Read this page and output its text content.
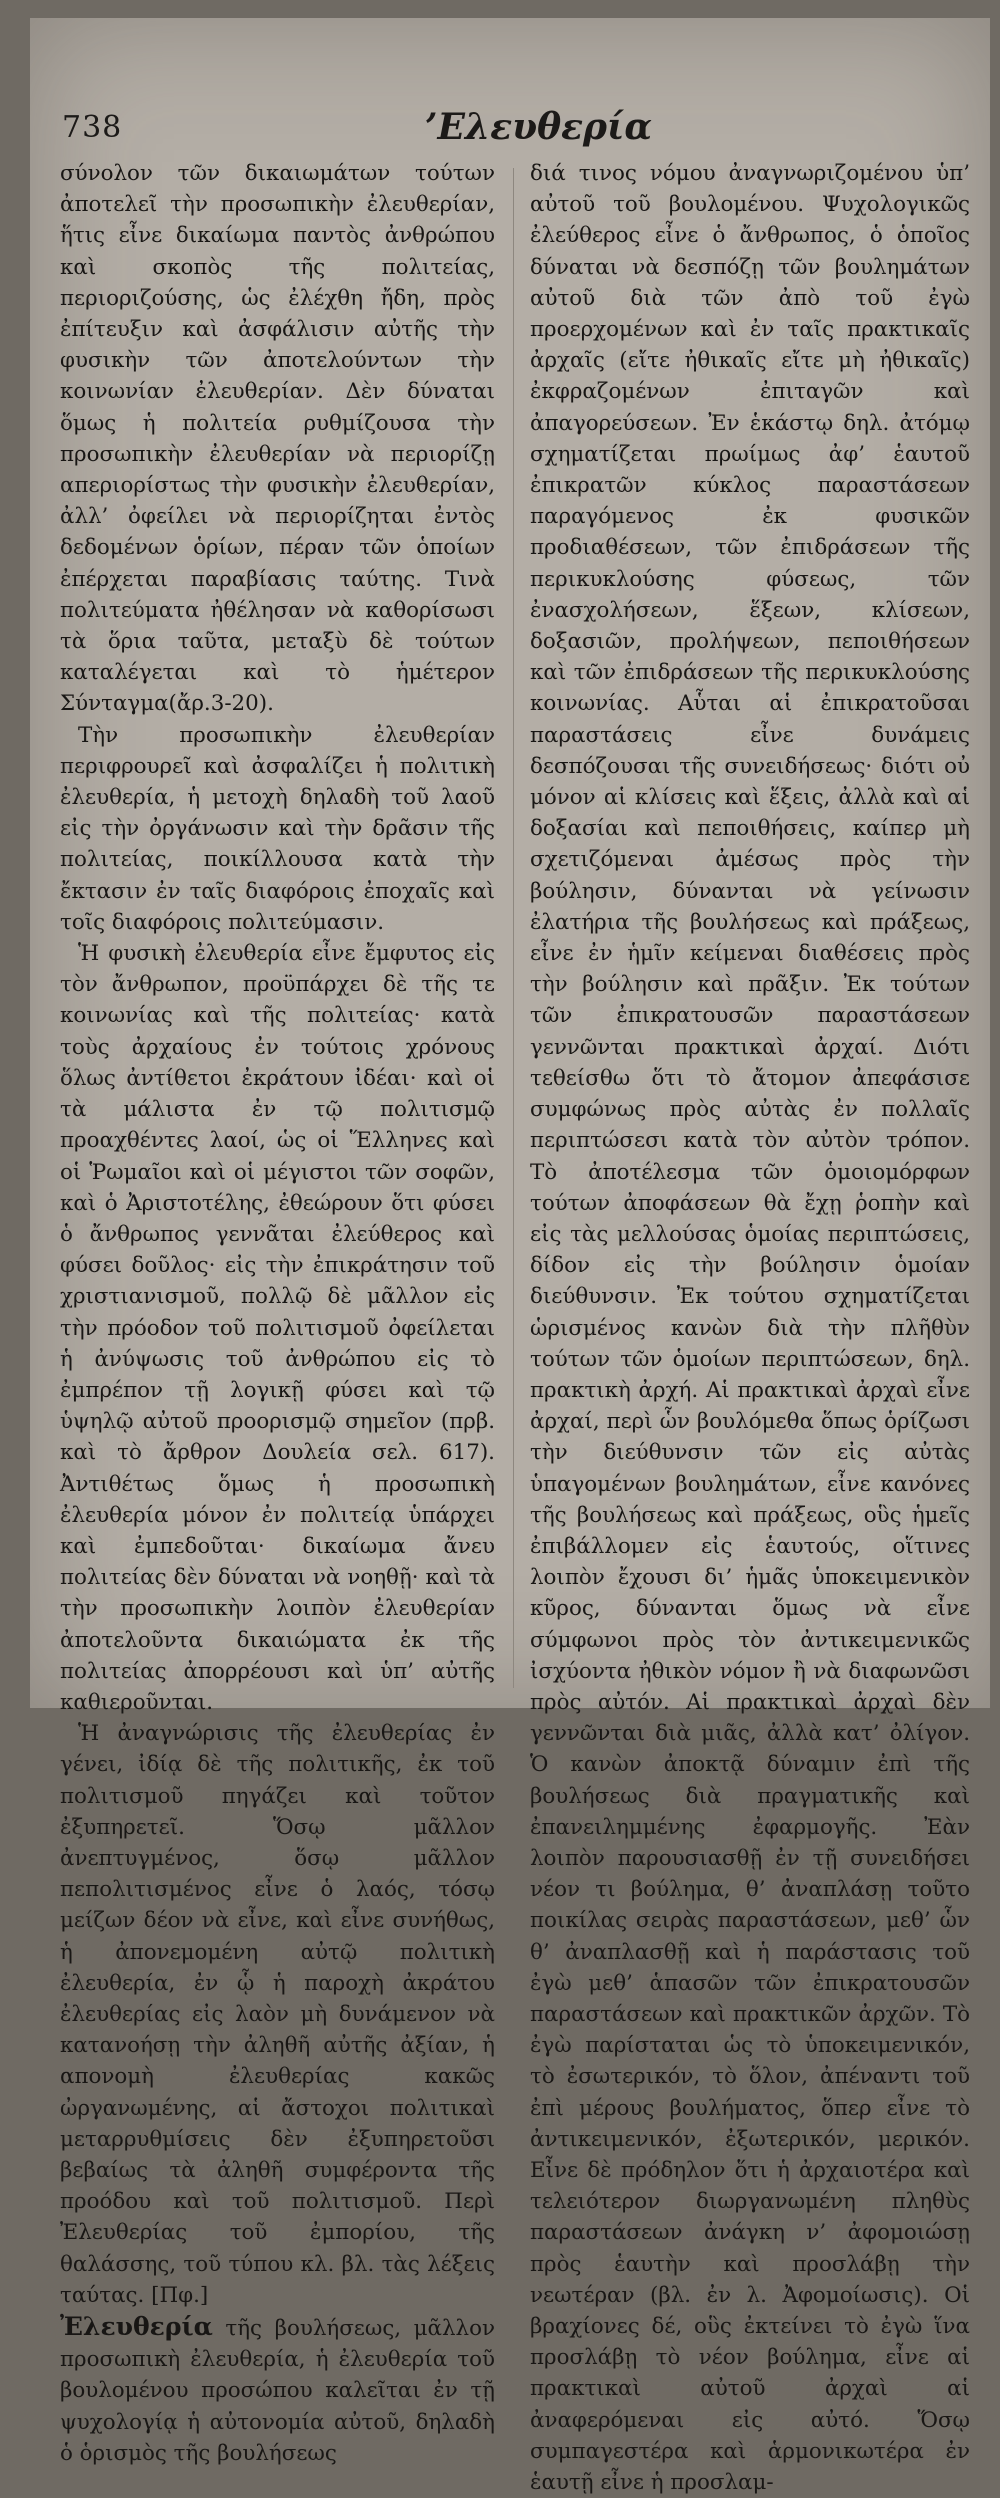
738	’Ελευθερία

σύνολον τῶν δικαιωμάτων τούτων ἀποτελεῖ τὴν προσωπικὴν ἐλευθερίαν, ἥτις εἶνε δικαίωμα παντὸς ἀνθρώπου καὶ σκοπὸς τῆς πολιτείας, περιοριζούσης, ὡς ἐλέχθη ἤδη, πρὸς ἐπίτευξιν καὶ ἀσφάλισιν αὐτῆς τὴν φυσικὴν τῶν ἀποτελούντων τὴν κοινωνίαν ἐλευθερίαν. Δὲν δύναται ὅμως ἡ πολιτεία ρυθμίζουσα τὴν προσωπικὴν ἐλευθερίαν νὰ περιορίζῃ απεριορίστως τὴν φυσικὴν ἐλευθερίαν, ἀλλ’ ὀφείλει νὰ περιορίζηται ἐντὸς δεδομένων ὁρίων, πέραν τῶν ὁποίων ἐπέρχεται παραβίασις ταύτης. Τινὰ πολιτεύματα ἠθέλησαν νὰ καθορίσωσι τὰ ὅρια ταῦτα, μεταξὺ δὲ τούτων καταλέγεται καὶ τὸ ἡμέτερον Σύνταγμα(ἄρ.3-20).

Τὴν προσωπικὴν ἐλευθερίαν περιφρουρεῖ καὶ ἀσφαλίζει ἡ πολιτικὴ ἐλευθερία, ἡ μετοχὴ δηλαδὴ τοῦ λαοῦ εἰς τὴν ὀργάνωσιν καὶ τὴν δρᾶσιν τῆς πολιτείας, ποικίλλουσα κατὰ τὴν ἔκτασιν ἐν ταῖς διαφόροις ἐποχαῖς καὶ τοῖς διαφόροις πολιτεύμασιν.

Ἡ φυσικὴ ἐλευθερία εἶνε ἔμφυτος εἰς τὸν ἄνθρωπον, προϋπάρχει δὲ τῆς τε κοινωνίας καὶ τῆς πολιτείας· κατὰ τοὺς ἀρχαίους ἐν τούτοις χρόνους ὅλως ἀντίθετοι ἐκράτουν ἰδέαι· καὶ οἱ τὰ μάλιστα ἐν τῷ πολιτισμῷ προαχθέντες λαοί, ὡς οἱ Ἕλληνες καὶ οἱ Ῥωμαῖοι καὶ οἱ μέγιστοι τῶν σοφῶν, καὶ ὁ Ἀριστοτέλης, ἐθεώρουν ὅτι φύσει ὁ ἄνθρωπος γεννᾶται ἐλεύθερος καὶ φύσει δοῦλος· εἰς τὴν ἐπικράτησιν τοῦ χριστιανισμοῦ, πολλῷ δὲ μᾶλλον εἰς τὴν πρόοδον τοῦ πολιτισμοῦ ὀφείλεται ἡ ἀνύψωσις τοῦ ἀνθρώπου εἰς τὸ ἐμπρέπον τῇ λογικῇ φύσει καὶ τῷ ὑψηλῷ αὐτοῦ προορισμῷ σημεῖον (πρβ. καὶ τὸ ἄρθρον Δουλεία σελ. 617). Ἀντιθέτως ὅμως ἡ προσωπικὴ ἐλευθερία μόνον ἐν πολιτείᾳ ὑπάρχει καὶ ἐμπεδοῦται· δικαίωμα ἄνευ πολιτείας δὲν δύναται νὰ νοηθῇ· καὶ τὰ τὴν προσωπικὴν λοιπὸν ἐλευθερίαν ἀποτελοῦντα δικαιώματα ἐκ τῆς πολιτείας ἀπορρέουσι καὶ ὑπ’ αὐτῆς καθιεροῦνται.

Ἡ ἀναγνώρισις τῆς ἐλευθερίας ἐν γένει, ἰδίᾳ δὲ τῆς πολιτικῆς, ἐκ τοῦ πολιτισμοῦ πηγάζει καὶ τοῦτον ἐξυπηρετεῖ. Ὅσῳ μᾶλλον ἀνεπτυγμένος, ὅσῳ μᾶλλον πεπολιτισμένος εἶνε ὁ λαός, τόσῳ μείζων δέον νὰ εἶνε, καὶ εἶνε συνήθως, ἡ ἀπονεμομένη αὐτῷ πολιτικὴ ἐλευθερία, ἐν ᾧ ἡ παροχὴ ἀκράτου ἐλευθερίας εἰς λαὸν μὴ δυνάμενον νὰ κατανοήσῃ τὴν ἀληθῆ αὐτῆς ἀξίαν, ἡ απονομὴ ἐλευθερίας κακῶς ὠργανωμένης, αἱ ἄστοχοι πολιτικαὶ μεταρρυθμίσεις δὲν ἐξυπηρετοῦσι βεβαίως τὰ ἀληθῆ συμφέροντα τῆς προόδου καὶ τοῦ πολιτισμοῦ. Περὶ Ἐλευθερίας τοῦ ἐμπορίου, τῆς θαλάσσης, τοῦ τύπου κλ. βλ. τὰς λέξεις ταύτας. [Πφ.]

Ἐλευθερία τῆς βουλήσεως, μᾶλλον προσωπικὴ ἐλευθερία, ἡ ἐλευθερία τοῦ βουλομένου προσώπου καλεῖται ἐν τῇ ψυχολογίᾳ ἡ αὐτονομία αὐτοῦ, δηλαδὴ ὁ ὁρισμὸς τῆς βουλήσεως

διά τινος νόμου ἀναγνωριζομένου ὑπ’ αὐτοῦ τοῦ βουλομένου. Ψυχολογικῶς ἐλεύθερος εἶνε ὁ ἄνθρωπος, ὁ ὁποῖος δύναται νὰ δεσπόζῃ τῶν βουλημάτων αὐτοῦ διὰ τῶν ἀπὸ τοῦ ἐγὼ προερχομένων καὶ ἐν ταῖς πρακτικαῖς ἀρχαῖς (εἴτε ἠθικαῖς εἴτε μὴ ἠθικαῖς) ἐκφραζομένων ἐπιταγῶν καὶ ἀπαγορεύσεων. Ἐν ἑκάστῳ δηλ. ἀτόμῳ σχηματίζεται πρωίμως ἀφ’ ἑαυτοῦ ἐπικρατῶν κύκλος παραστάσεων παραγόμενος ἐκ φυσικῶν προδιαθέσεων, τῶν ἐπιδράσεων τῆς περικυκλούσης φύσεως, τῶν ἐνασχολήσεων, ἕξεων, κλίσεων, δοξασιῶν, προλήψεων, πεποιθήσεων καὶ τῶν ἐπιδράσεων τῆς περικυκλούσης κοινωνίας. Αὗται αἱ ἐπικρατοῦσαι παραστάσεις εἶνε δυνάμεις δεσπόζουσαι τῆς συνειδήσεως· διότι οὐ μόνον αἱ κλίσεις καὶ ἕξεις, ἀλλὰ καὶ αἱ δοξασίαι καὶ πεποιθήσεις, καίπερ μὴ σχετιζόμεναι ἀμέσως πρὸς τὴν βούλησιν, δύνανται νὰ γείνωσιν ἐλατήρια τῆς βουλήσεως καὶ πράξεως, εἶνε ἐν ἡμῖν κείμεναι διαθέσεις πρὸς τὴν βούλησιν καὶ πρᾶξιν. Ἐκ τούτων τῶν ἐπικρατουσῶν παραστάσεων γεννῶνται πρακτικαὶ ἀρχαί. Διότι τεθείσθω ὅτι τὸ ἄτομον ἀπεφάσισε συμφώνως πρὸς αὐτὰς ἐν πολλαῖς περιπτώσεσι κατὰ τὸν αὐτὸν τρόπον. Τὸ ἀποτέλεσμα τῶν ὁμοιομόρφων τούτων ἀποφάσεων θὰ ἔχῃ ῥοπὴν καὶ εἰς τὰς μελλούσας ὁμοίας περιπτώσεις, δίδον εἰς τὴν βούλησιν ὁμοίαν διεύθυνσιν. Ἐκ τούτου σχηματίζεται ὡρισμένος κανὼν διὰ τὴν πλῆθὺν τούτων τῶν ὁμοίων περιπτώσεων, δηλ. πρακτικὴ ἀρχή. Αἱ πρακτικαὶ ἀρχαὶ εἶνε ἀρχαί, περὶ ὧν βουλόμεθα ὅπως ὁρίζωσι τὴν διεύθυνσιν τῶν εἰς αὐτὰς ὑπαγομένων βουλημάτων, εἶνε κανόνες τῆς βουλήσεως καὶ πράξεως, οὓς ἡμεῖς ἐπιβάλλομεν εἰς ἑαυτούς, οἵτινες λοιπὸν ἔχουσι δι’ ἡμᾶς ὑποκειμενικὸν κῦρος, δύνανται ὅμως νὰ εἶνε σύμφωνοι πρὸς τὸν ἀντικειμενικῶς ἰσχύοντα ἠθικὸν νόμον ἢ νὰ διαφωνῶσι πρὸς αὐτόν. Αἱ πρακτικαὶ ἀρχαὶ δὲν γεννῶνται διὰ μιᾶς, ἀλλὰ κατ’ ὀλίγον. Ὁ κανὼν ἀποκτᾷ δύναμιν ἐπὶ τῆς βουλήσεως διὰ πραγματικῆς καὶ ἐπανειλημμένης ἐφαρμογῆς. Ἐὰν λοιπὸν παρουσιασθῇ ἐν τῇ συνειδήσει νέον τι βούλημα, θ’ ἀναπλάσῃ τοῦτο ποικίλας σειρὰς παραστάσεων, μεθ’ ὧν θ’ ἀναπλασθῇ καὶ ἡ παράστασις τοῦ ἐγὼ μεθ’ ἁπασῶν τῶν ἐπικρατουσῶν παραστάσεων καὶ πρακτικῶν ἀρχῶν. Τὸ ἐγὼ παρίσταται ὡς τὸ ὑποκειμενικόν, τὸ ἐσωτερικόν, τὸ ὅλον, ἀπέναντι τοῦ ἐπὶ μέρους βουλήματος, ὅπερ εἶνε τὸ ἀντικειμενικόν, ἐξωτερικόν, μερικόν. Εἶνε δὲ πρόδηλον ὅτι ἡ ἀρχαιοτέρα καὶ τελειότερον διωργανωμένη πληθὺς παραστάσεων ἀνάγκη ν’ ἀφομοιώσῃ πρὸς ἑαυτὴν καὶ προσλάβῃ τὴν νεωτέραν (βλ. ἐν λ. Ἀφομοίωσις). Οἱ βραχίονες δέ, οὓς ἐκτείνει τὸ ἐγὼ ἵνα προσλάβῃ τὸ νέον βούλημα, εἶνε αἱ πρακτικαὶ αὐτοῦ ἀρχαὶ αἱ ἀναφερόμεναι εἰς αὐτό. Ὅσῳ συμπαγεστέρα καὶ ἁρμονικωτέρα ἐν ἑαυτῇ εἶνε ἡ προσλαμ-
